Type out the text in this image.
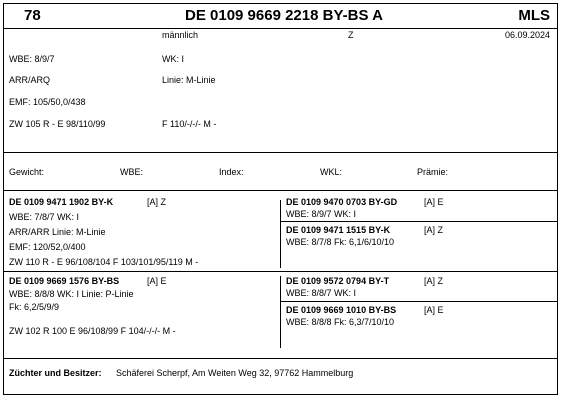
78	DE 0109 9669 2218 BY-BS A	MLS
männlich	Z	06.09.2024
WBE: 8/9/7	WK: I
ARR/ARQ	Linie: M-Linie
EMF: 105/50,0/438
ZW 105 R - E 98/110/99	F 110/-/-/- M -
Gewicht:	WBE:	Index:	WKL:	Prämie:
DE 0109 9471 1902 BY-K	[A] Z
WBE: 7/8/7 WK: I
ARR/ARR Linie: M-Linie
EMF: 120/52,0/400
ZW 110 R - E 96/108/104 F 103/101/95/119 M -
DE 0109 9470 0703 BY-GD	[A] E
WBE: 8/9/7 WK: I
DE 0109 9471 1515 BY-K	[A] Z
WBE: 8/7/8 Fk: 6,1/6/10/10
DE 0109 9669 1576 BY-BS	[A] E
WBE: 8/8/8 WK: I Linie: P-Linie
Fk: 6,2/5/9/9
ZW 102 R 100 E 96/108/99 F 104/-/-/- M -
DE 0109 9572 0794 BY-T	[A] Z
WBE: 8/8/7 WK: I
DE 0109 9669 1010 BY-BS	[A] E
WBE: 8/8/8 Fk: 6,3/7/10/10
Züchter und Besitzer: Schäferei Scherpf, Am Weiten Weg 32, 97762 Hammelburg
